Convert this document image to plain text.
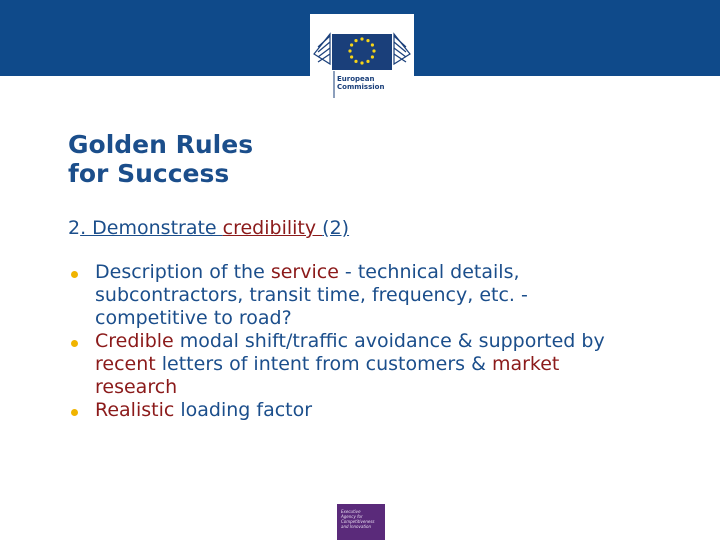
European
Commission
Golden Rules
for Success

2. Demonstrate credibility (2)

Description of the service - technical details, subcontractors, transit time, frequency, etc. - competitive to road?
Credible modal shift/traffic avoidance & supported by recent letters of intent from customers & market research
Realistic loading factor
Executive
Agency for
Competitiveness
and Innovation
